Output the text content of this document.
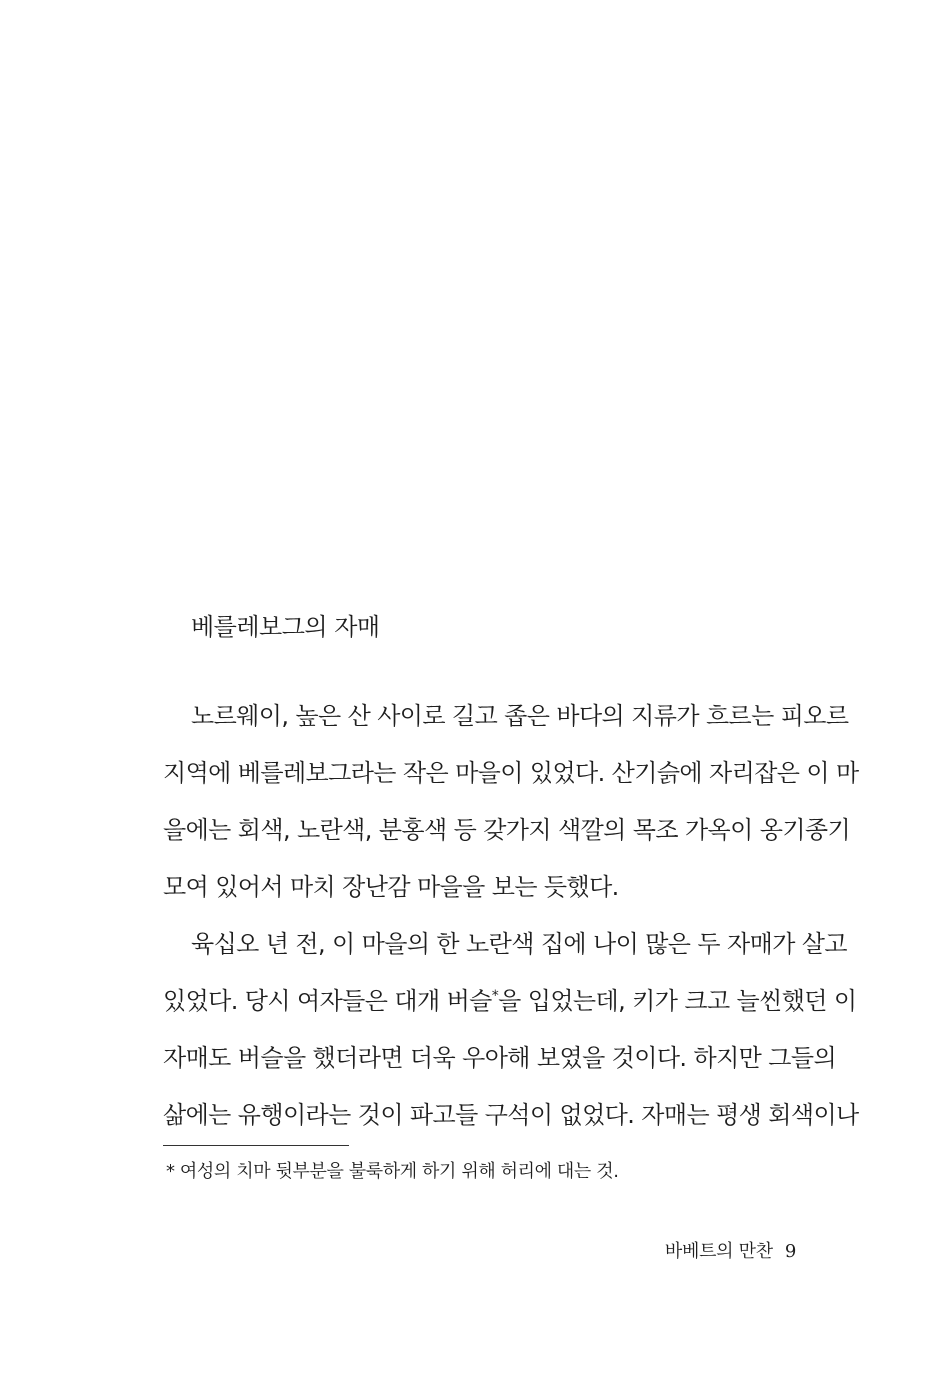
베를레보그의 자매
노르웨이, 높은 산 사이로 길고 좁은 바다의 지류가 흐르는 피오르
지역에 베를레보그라는 작은 마을이 있었다. 산기슭에 자리잡은 이 마
을에는 회색, 노란색, 분홍색 등 갖가지 색깔의 목조 가옥이 옹기종기
모여 있어서 마치 장난감 마을을 보는 듯했다.
육십오 년 전, 이 마을의 한 노란색 집에 나이 많은 두 자매가 살고
있었다. 당시 여자들은 대개 버슬*을 입었는데, 키가 크고 늘씬했던 이
자매도 버슬을 했더라면 더욱 우아해 보였을 것이다. 하지만 그들의
삶에는 유행이라는 것이 파고들 구석이 없었다. 자매는 평생 회색이나
* 여성의 치마 뒷부분을 불룩하게 하기 위해 허리에 대는 것.
바베트의 만찬 9
